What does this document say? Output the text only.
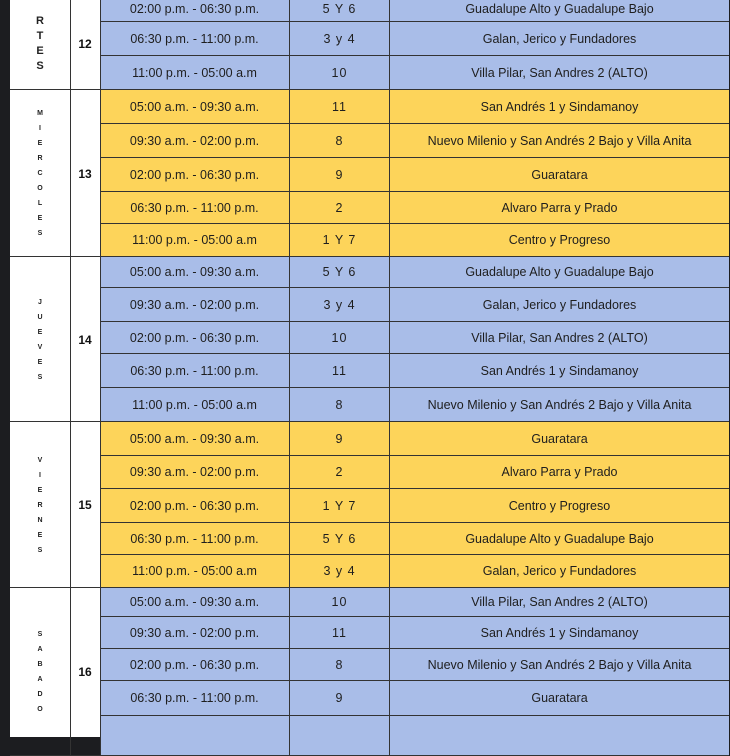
R
T
E
S
12
02:00 p.m. - 06:30 p.m.	5 Y 6	Guadalupe Alto y Guadalupe Bajo
06:30 p.m. - 11:00 p.m.	3 y 4	Galan, Jerico y Fundadores
11:00 p.m. - 05:00 a.m	10	Villa Pilar, San Andres 2 (ALTO)
M
I
E
R
C
O
L
E
S
13
05:00 a.m. - 09:30 a.m.	11	San Andrés 1 y Sindamanoy
09:30 a.m. - 02:00 p.m.	8	Nuevo Milenio y San Andrés 2 Bajo y Villa Anita
02:00 p.m. - 06:30 p.m.	9	Guaratara
06:30 p.m. - 11:00 p.m.	2	Alvaro Parra y Prado
11:00 p.m. - 05:00 a.m	1 Y 7	Centro y Progreso
J
U
E
V
E
S
14
05:00 a.m. - 09:30 a.m.	5 Y 6	Guadalupe Alto y Guadalupe Bajo
09:30 a.m. - 02:00 p.m.	3 y 4	Galan, Jerico y Fundadores
02:00 p.m. - 06:30 p.m.	10	Villa Pilar, San Andres 2 (ALTO)
06:30 p.m. - 11:00 p.m.	11	San Andrés 1 y Sindamanoy
11:00 p.m. - 05:00 a.m	8	Nuevo Milenio y San Andrés 2 Bajo y Villa Anita
V
I
E
R
N
E
S
15
05:00 a.m. - 09:30 a.m.	9	Guaratara
09:30 a.m. - 02:00 p.m.	2	Alvaro Parra y Prado
02:00 p.m. - 06:30 p.m.	1 Y 7	Centro y Progreso
06:30 p.m. - 11:00 p.m.	5 Y 6	Guadalupe Alto y Guadalupe Bajo
11:00 p.m. - 05:00 a.m	3 y 4	Galan, Jerico y Fundadores
S
A
B
A
D
O
16
05:00 a.m. - 09:30 a.m.	10	Villa Pilar, San Andres 2 (ALTO)
09:30 a.m. - 02:00 p.m.	11	San Andrés 1 y Sindamanoy
02:00 p.m. - 06:30 p.m.	8	Nuevo Milenio y San Andrés 2 Bajo y Villa Anita
06:30 p.m. - 11:00 p.m.	9	Guaratara
